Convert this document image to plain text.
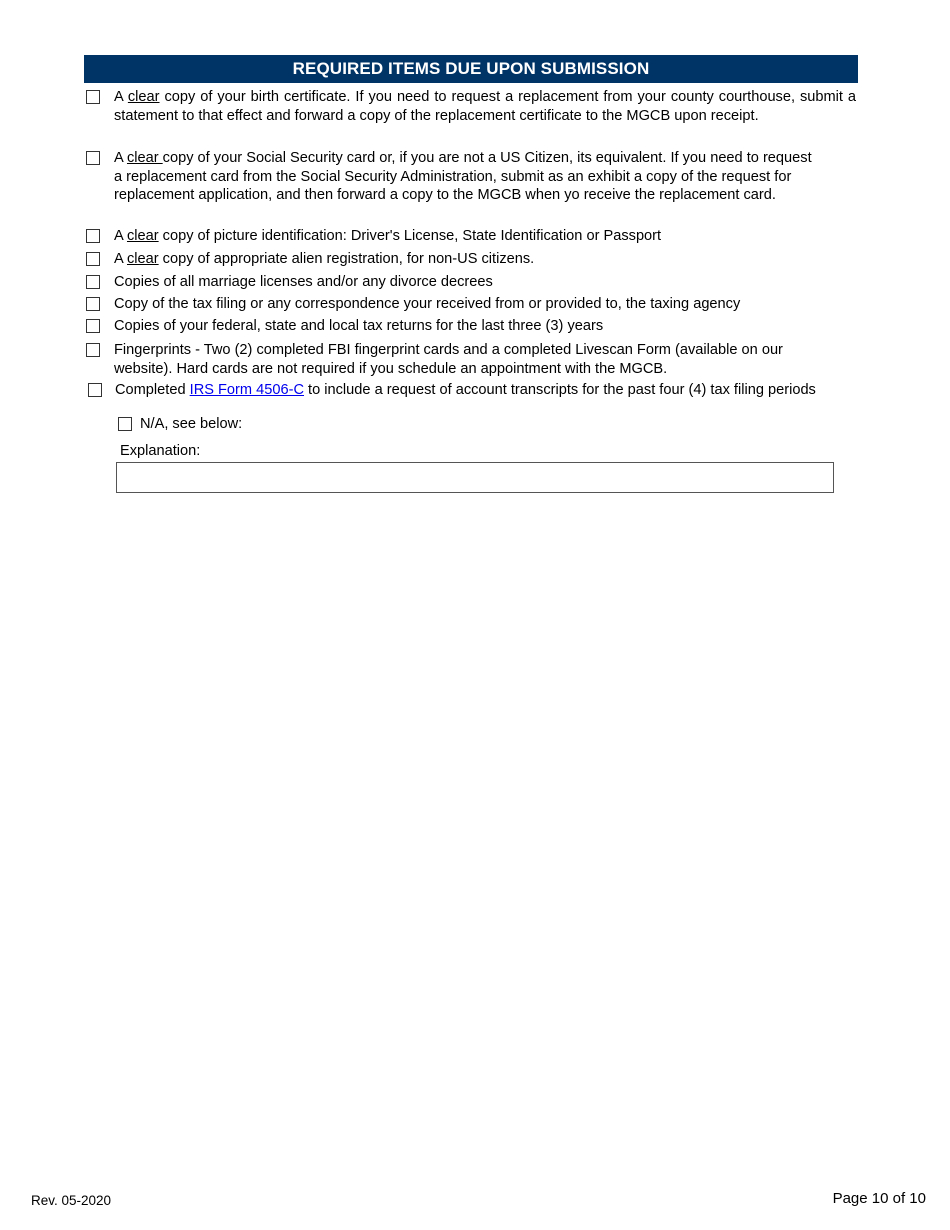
REQUIRED ITEMS DUE UPON SUBMISSION
A clear copy of your birth certificate. If you need to request a replacement from your county courthouse, submit a statement to that effect and forward a copy of the replacement certificate to the MGCB upon receipt.
A clear copy of your Social Security card or, if you are not a US Citizen, its equivalent. If you need to request a replacement card from the Social Security Administration, submit as an exhibit a copy of the request for replacement application, and then forward a copy to the MGCB when yo receive the replacement card.
A clear copy of picture identification: Driver's License, State Identification or Passport
A clear copy of appropriate alien registration, for non-US citizens.
Copies of all marriage licenses and/or any divorce decrees
Copy of the tax filing or any correspondence your received from or provided to, the taxing agency
Copies of your federal, state and local tax returns for the last three (3) years
Fingerprints - Two (2) completed FBI fingerprint cards and a completed Livescan Form (available on our website). Hard cards are not required if you schedule an appointment with the MGCB.
Completed IRS Form 4506-C to include a request of account transcripts for the past four (4) tax filing periods
N/A, see below:
Explanation:
Rev. 05-2020	Page 10 of 10
